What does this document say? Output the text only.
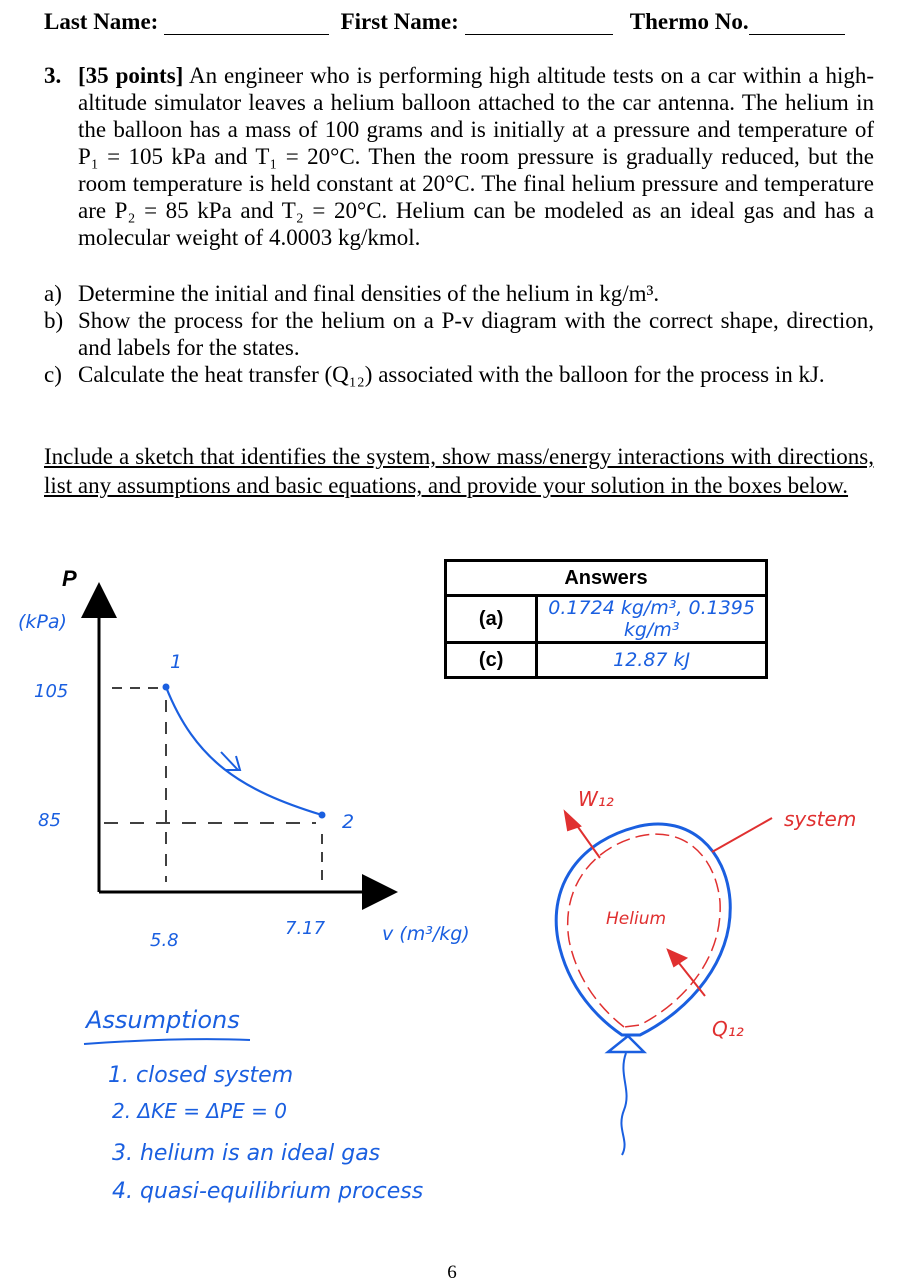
Last Name:	First Name:	Thermo No.
3. [35 points] An engineer who is performing high altitude tests on a car within a high-altitude simulator leaves a helium balloon attached to the car antenna. The helium in the balloon has a mass of 100 grams and is initially at a pressure and temperature of P₁ = 105 kPa and T₁ = 20°C. Then the room pressure is gradually reduced, but the room temperature is held constant at 20°C. The final helium pressure and temperature are P₂ = 85 kPa and T₂ = 20°C. Helium can be modeled as an ideal gas and has a molecular weight of 4.0003 kg/kmol.
a) Determine the initial and final densities of the helium in kg/m³.
b) Show the process for the helium on a P-v diagram with the correct shape, direction, and labels for the states.
c) Calculate the heat transfer (Q₁₂) associated with the balloon for the process in kJ.
Include a sketch that identifies the system, show mass/energy interactions with directions, list any assumptions and basic equations, and provide your solution in the boxes below.
Answers	
(a)	0.1724 kg/m³, 0.1395 kg/m³
(c)	12.87 kJ
P
(kPa)
105
85
5.8
7.17	v (m³/kg)
1
2
Helium
W₁₂
Q₁₂
system
Assumptions
1. closed system
2. ΔKE = ΔPE = 0
3. helium is an ideal gas
4. quasi-equilibrium process
6
